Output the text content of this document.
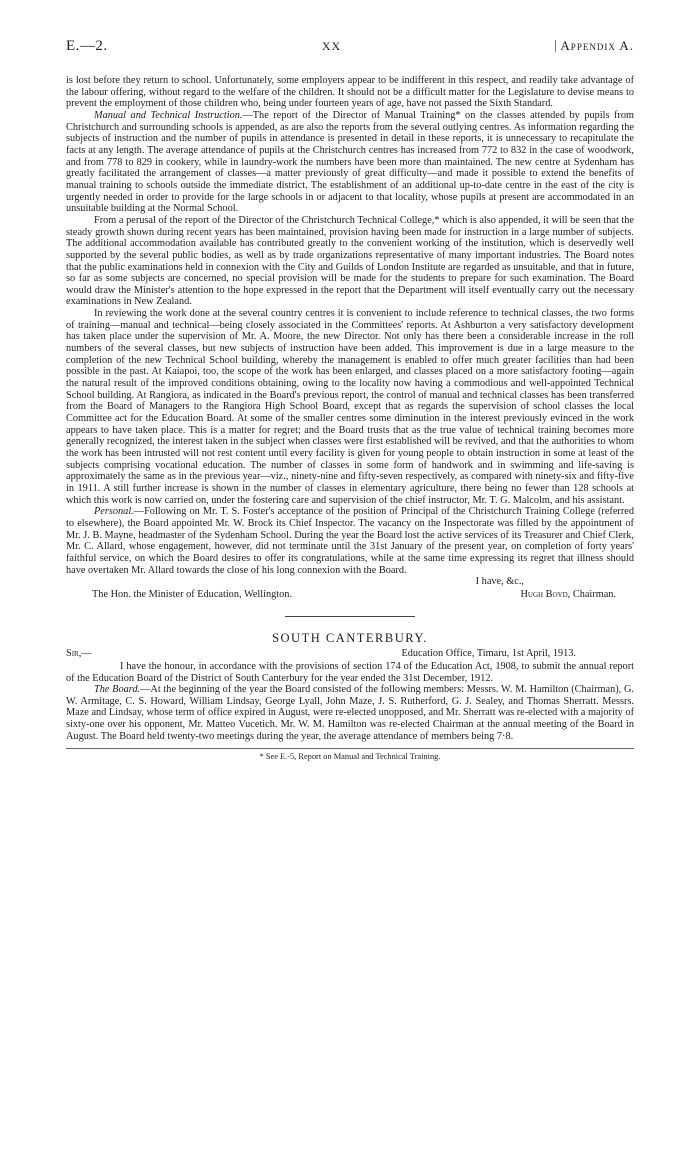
E.—2.	XX	Appendix A.

is lost before they return to school. Unfortunately, some employers appear to be indifferent in this respect, and readily take advantage of the labour offering, without regard to the welfare of the children. It should not be a difficult matter for the Legislature to devise means to prevent the employment of those children who, being under fourteen years of age, have not passed the Sixth Standard.

Manual and Technical Instruction.—The report of the Director of Manual Training* on the classes attended by pupils from Christchurch and surrounding schools is appended, as are also the reports from the several outlying centres. As information regarding the subjects of instruction and the number of pupils in attendance is presented in detail in these reports, it is unnecessary to recapitulate the facts at any length. The average attendance of pupils at the Christchurch centres has increased from 772 to 832 in the case of woodwork, and from 778 to 829 in cookery, while in laundry-work the numbers have been more than maintained. The new centre at Sydenham has greatly facilitated the arrangement of classes—a matter previously of great difficulty—and made it possible to extend the benefits of manual training to schools outside the immediate district. The establishment of an additional up-to-date centre in the east of the city is urgently needed in order to provide for the large schools in or adjacent to that locality, whose pupils at present are accommodated in an unsuitable building at the Normal School.

From a perusal of the report of the Director of the Christchurch Technical College,* which is also appended, it will be seen that the steady growth shown during recent years has been maintained, provision having been made for instruction in a large number of subjects. The additional accommodation available has contributed greatly to the convenient working of the institution, which is deservedly well supported by the several public bodies, as well as by trade organizations representative of many important industries. The Board notes that the public examinations held in connexion with the City and Guilds of London Institute are regarded as unsuitable, and that in future, so far as some subjects are concerned, no special provision will be made for the students to prepare for such examination. The Board would draw the Minister's attention to the hope expressed in the report that the Department will itself eventually carry out the necessary examinations in New Zealand.

In reviewing the work done at the several country centres it is convenient to include reference to technical classes, the two forms of training—manual and technical—being closely associated in the Committees' reports. At Ashburton a very satisfactory development has taken place under the supervision of Mr. A. Moore, the new Director. Not only has there been a considerable increase in the roll numbers of the several classes, but new subjects of instruction have been added. This improvement is due in a large measure to the completion of the new Technical School building, whereby the management is enabled to offer much greater facilities than had been possible in the past. At Kaiapoi, too, the scope of the work has been enlarged, and classes placed on a more satisfactory footing—again the natural result of the improved conditions obtaining, owing to the locality now having a commodious and well-appointed Technical School building. At Rangiora, as indicated in the Board's previous report, the control of manual and technical classes has been transferred from the Board of Managers to the Rangiora High School Board, except that as regards the supervision of school classes the local Committee act for the Education Board. At some of the smaller centres some diminution in the interest previously evinced in the work appears to have taken place. This is a matter for regret; and the Board trusts that as the true value of technical training becomes more generally recognized, the interest taken in the subject when classes were first established will be revived, and that the authorities to whom the work has been intrusted will not rest content until every facility is given for young people to obtain instruction in some at least of the subjects comprising vocational education. The number of classes in some form of handwork and in swimming and life-saving is approximately the same as in the previous year—viz., ninety-nine and fifty-seven respectively, as compared with ninety-six and fifty-five in 1911. A still further increase is shown in the number of classes in elementary agriculture, there being no fewer than 128 schools at which this work is now carried on, under the fostering care and supervision of the chief instructor, Mr. T. G. Malcolm, and his assistant.

Personal.—Following on Mr. T. S. Foster's acceptance of the position of Principal of the Christchurch Training College (referred to elsewhere), the Board appointed Mr. W. Brock its Chief Inspector. The vacancy on the Inspectorate was filled by the appointment of Mr. J. B. Mayne, headmaster of the Sydenham School. During the year the Board lost the active services of its Treasurer and Chief Clerk, Mr. C. Allard, whose engagement, however, did not terminate until the 31st January of the present year, on completion of forty years' faithful service, on which the Board desires to offer its congratulations, while at the same time expressing its regret that illness should have overtaken Mr. Allard towards the close of his long connexion with the Board.

I have, &c.,
The Hon. the Minister of Education, Wellington.	Hugh Boyd, Chairman.
SOUTH CANTERBURY.
Sir,—	Education Office, Timaru, 1st April, 1913.

I have the honour, in accordance with the provisions of section 174 of the Education Act, 1908, to submit the annual report of the Education Board of the District of South Canterbury for the year ended the 31st December, 1912.

The Board.—At the beginning of the year the Board consisted of the following members: Messrs. W. M. Hamilton (Chairman), G. W. Armitage, C. S. Howard, William Lindsay, George Lyall, John Maze, J. S. Rutherford, G. J. Sealey, and Thomas Sherratt. Messrs. Maze and Lindsay, whose term of office expired in August, were re-elected unopposed, and Mr. Sherratt was re-elected with a majority of sixty-one over his opponent, Mr. Matteo Vucetich. Mr. W. M. Hamilton was re-elected Chairman at the annual meeting of the Board in August. The Board held twenty-two meetings during the year, the average attendance of members being 7·8.

* See E.-5, Report on Manual and Technical Training.
